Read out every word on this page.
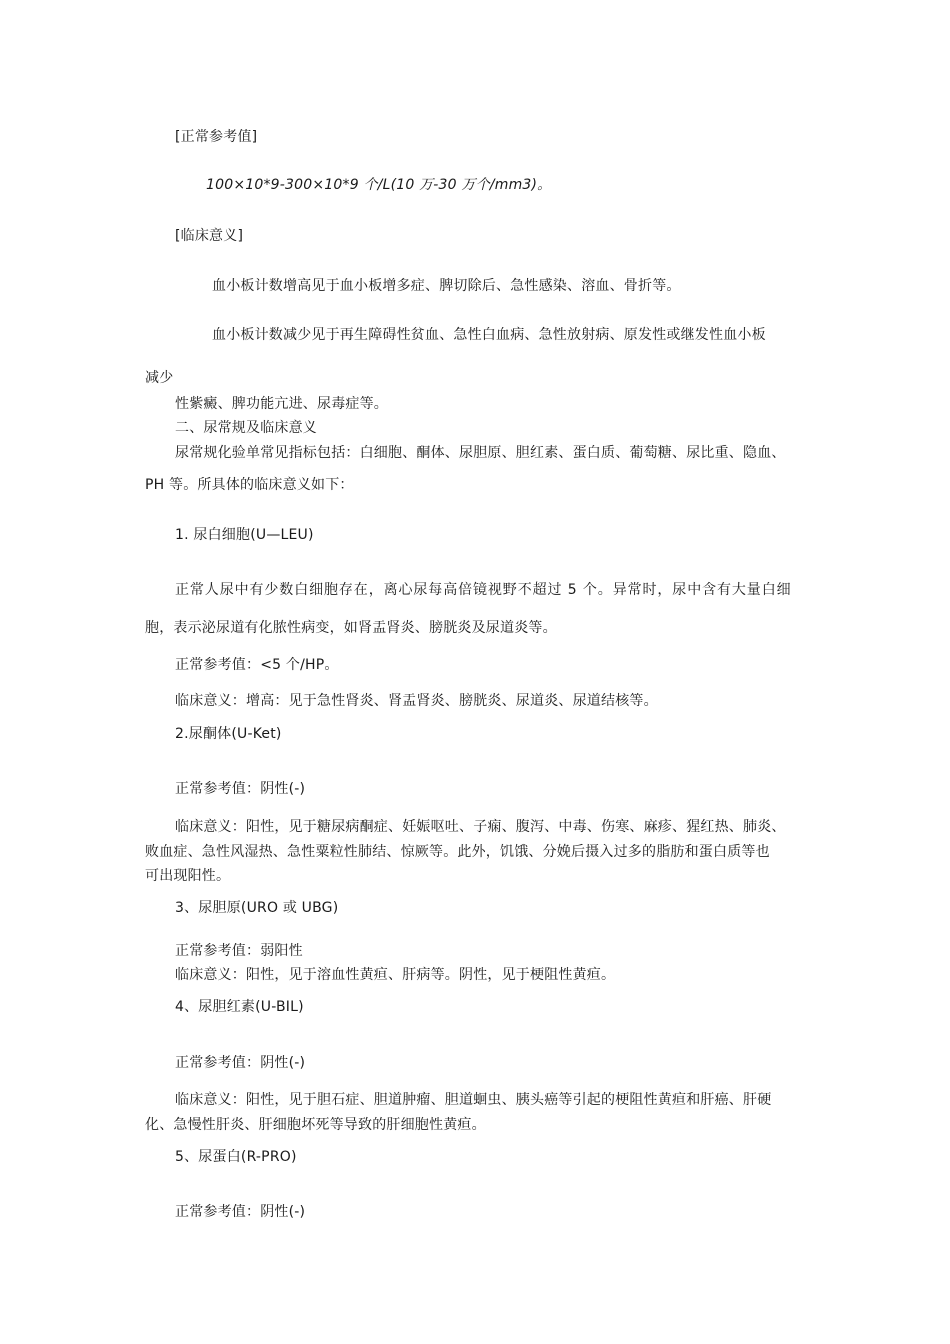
[正常参考值]
100×10*9-300×10*9 个/L(10 万-30 万个/mm3)。
[临床意义]
血小板计数增高见于血小板增多症、脾切除后、急性感染、溶血、骨折等。
血小板计数减少见于再生障碍性贫血、急性白血病、急性放射病、原发性或继发性血小板
减少
性紫癜、脾功能亢进、尿毒症等。
二、尿常规及临床意义
尿常规化验单常见指标包括：白细胞、酮体、尿胆原、胆红素、蛋白质、葡萄糖、尿比重、隐血、
PH 等。所具体的临床意义如下：
1. 尿白细胞(U—LEU)
正常人尿中有少数白细胞存在，离心尿每高倍镜视野不超过 5 个。异常时，尿中含有大量白细
胞，表示泌尿道有化脓性病变，如肾盂肾炎、膀胱炎及尿道炎等。
正常参考值：<5 个/HP。
临床意义：增高：见于急性肾炎、肾盂肾炎、膀胱炎、尿道炎、尿道结核等。
2.尿酮体(U-Ket)
正常参考值：阴性(-)
临床意义：阳性，见于糖尿病酮症、妊娠呕吐、子痫、腹泻、中毒、伤寒、麻疹、猩红热、肺炎、
败血症、急性风湿热、急性粟粒性肺结、惊厥等。此外，饥饿、分娩后摄入过多的脂肪和蛋白质等也
可出现阳性。
3、尿胆原(URO 或 UBG)
正常参考值：弱阳性
临床意义：阳性，见于溶血性黄疸、肝病等。阴性，见于梗阻性黄疸。
4、尿胆红素(U-BIL)
正常参考值：阴性(-)
临床意义：阳性，见于胆石症、胆道肿瘤、胆道蛔虫、胰头癌等引起的梗阻性黄疸和肝癌、肝硬
化、急慢性肝炎、肝细胞坏死等导致的肝细胞性黄疸。
5、尿蛋白(R-PRO)
正常参考值：阴性(-)
